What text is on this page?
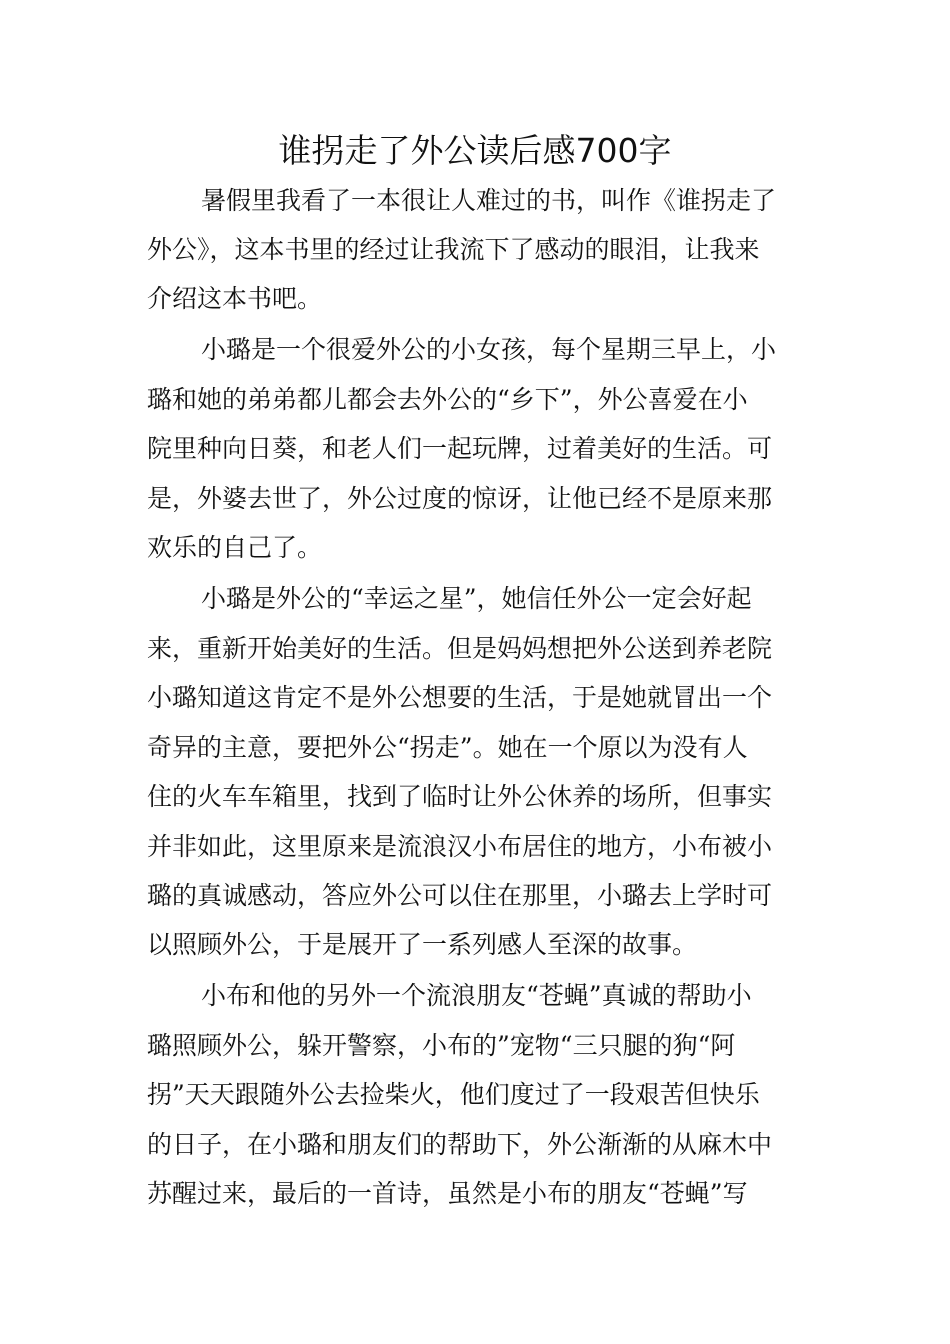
谁拐走了外公读后感700字

暑假里我看了一本很让人难过的书，叫作《谁拐走了

外公》，这本书里的经过让我流下了感动的眼泪，让我来

介绍这本书吧。

小璐是一个很爱外公的小女孩，每个星期三早上，小

璐和她的弟弟都儿都会去外公的“乡下”，外公喜爱在小

院里种向日葵，和老人们一起玩牌，过着美好的生活。可

是，外婆去世了，外公过度的惊讶，让他已经不是原来那

欢乐的自己了。

小璐是外公的“幸运之星”，她信任外公一定会好起

来，重新开始美好的生活。但是妈妈想把外公送到养老院

小璐知道这肯定不是外公想要的生活，于是她就冒出一个

奇异的主意，要把外公“拐走”。她在一个原以为没有人

住的火车车箱里，找到了临时让外公休养的场所，但事实

并非如此，这里原来是流浪汉小布居住的地方，小布被小

璐的真诚感动，答应外公可以住在那里，小璐去上学时可

以照顾外公，于是展开了一系列感人至深的故事。

小布和他的另外一个流浪朋友“苍蝇”真诚的帮助小

璐照顾外公，躲开警察，小布的”宠物“三只腿的狗“阿

拐”天天跟随外公去捡柴火，他们度过了一段艰苦但快乐

的日子，在小璐和朋友们的帮助下，外公渐渐的从麻木中

苏醒过来，最后的一首诗，虽然是小布的朋友“苍蝇”写
